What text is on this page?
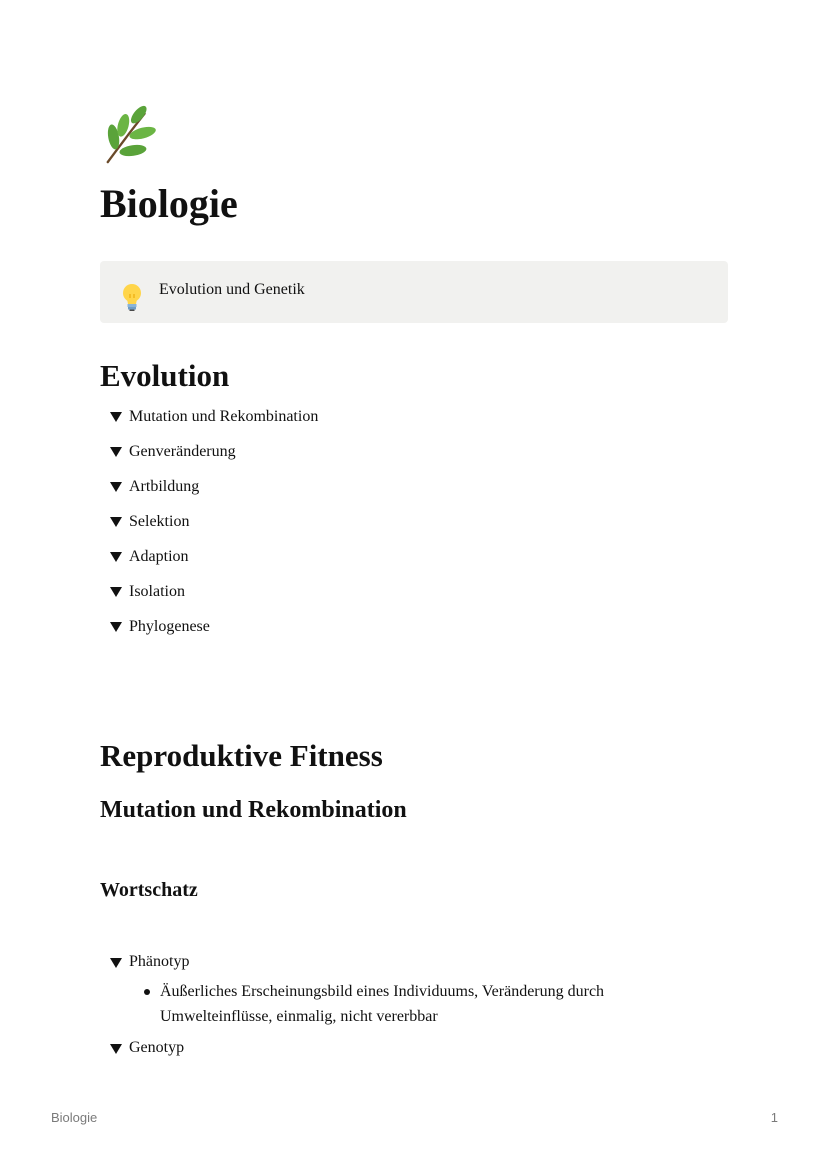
Biologie
Evolution und Genetik
Evolution
Mutation und Rekombination
Genveränderung
Artbildung
Selektion
Adaption
Isolation
Phylogenese
Reproduktive Fitness
Mutation und Rekombination
Wortschatz
Phänotyp
Äußerliches Erscheinungsbild eines Individuums, Veränderung durch Umwelteinflüsse, einmalig, nicht vererbbar
Genotyp
Biologie	1
